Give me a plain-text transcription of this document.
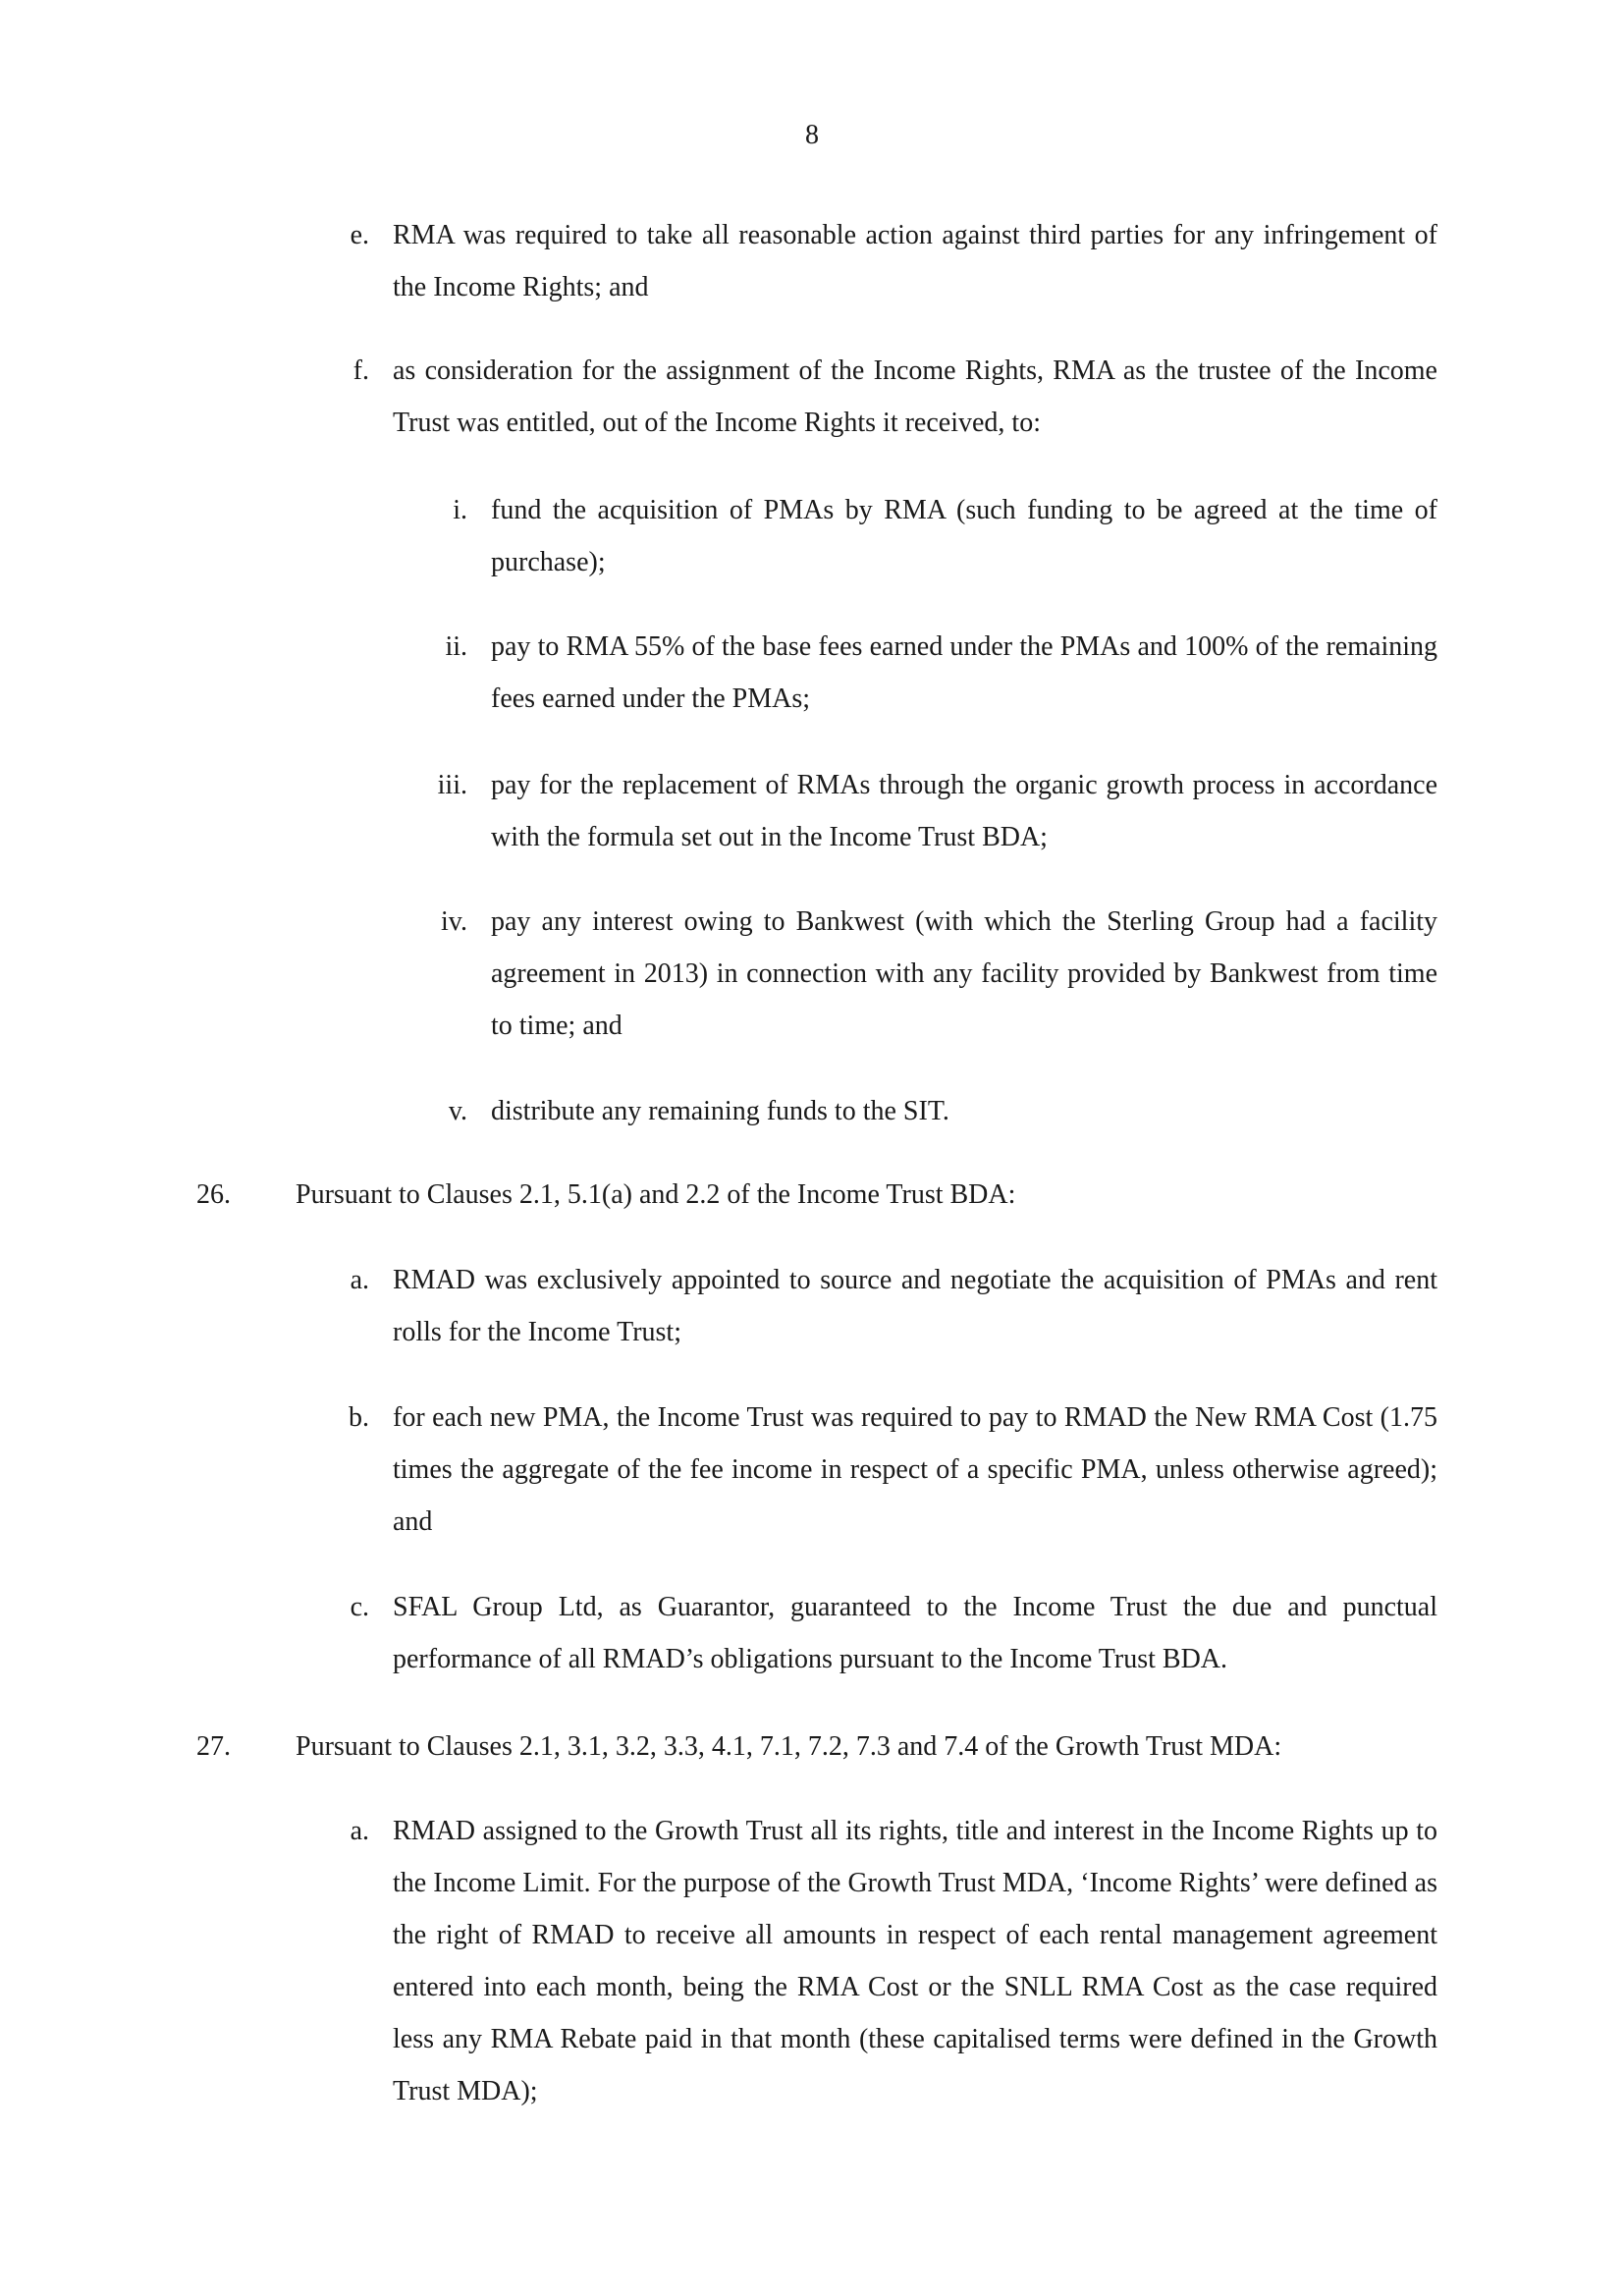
8
e. RMA was required to take all reasonable action against third parties for any infringement of the Income Rights; and
f. as consideration for the assignment of the Income Rights, RMA as the trustee of the Income Trust was entitled, out of the Income Rights it received, to:
i. fund the acquisition of PMAs by RMA (such funding to be agreed at the time of purchase);
ii. pay to RMA 55% of the base fees earned under the PMAs and 100% of the remaining fees earned under the PMAs;
iii. pay for the replacement of RMAs through the organic growth process in accordance with the formula set out in the Income Trust BDA;
iv. pay any interest owing to Bankwest (with which the Sterling Group had a facility agreement in 2013) in connection with any facility provided by Bankwest from time to time; and
v. distribute any remaining funds to the SIT.
26. Pursuant to Clauses 2.1, 5.1(a) and 2.2 of the Income Trust BDA:
a. RMAD was exclusively appointed to source and negotiate the acquisition of PMAs and rent rolls for the Income Trust;
b. for each new PMA, the Income Trust was required to pay to RMAD the New RMA Cost (1.75 times the aggregate of the fee income in respect of a specific PMA, unless otherwise agreed); and
c. SFAL Group Ltd, as Guarantor, guaranteed to the Income Trust the due and punctual performance of all RMAD’s obligations pursuant to the Income Trust BDA.
27. Pursuant to Clauses 2.1, 3.1, 3.2, 3.3, 4.1, 7.1, 7.2, 7.3 and 7.4 of the Growth Trust MDA:
a. RMAD assigned to the Growth Trust all its rights, title and interest in the Income Rights up to the Income Limit. For the purpose of the Growth Trust MDA, ‘Income Rights’ were defined as the right of RMAD to receive all amounts in respect of each rental management agreement entered into each month, being the RMA Cost or the SNLL RMA Cost as the case required less any RMA Rebate paid in that month (these capitalised terms were defined in the Growth Trust MDA);
